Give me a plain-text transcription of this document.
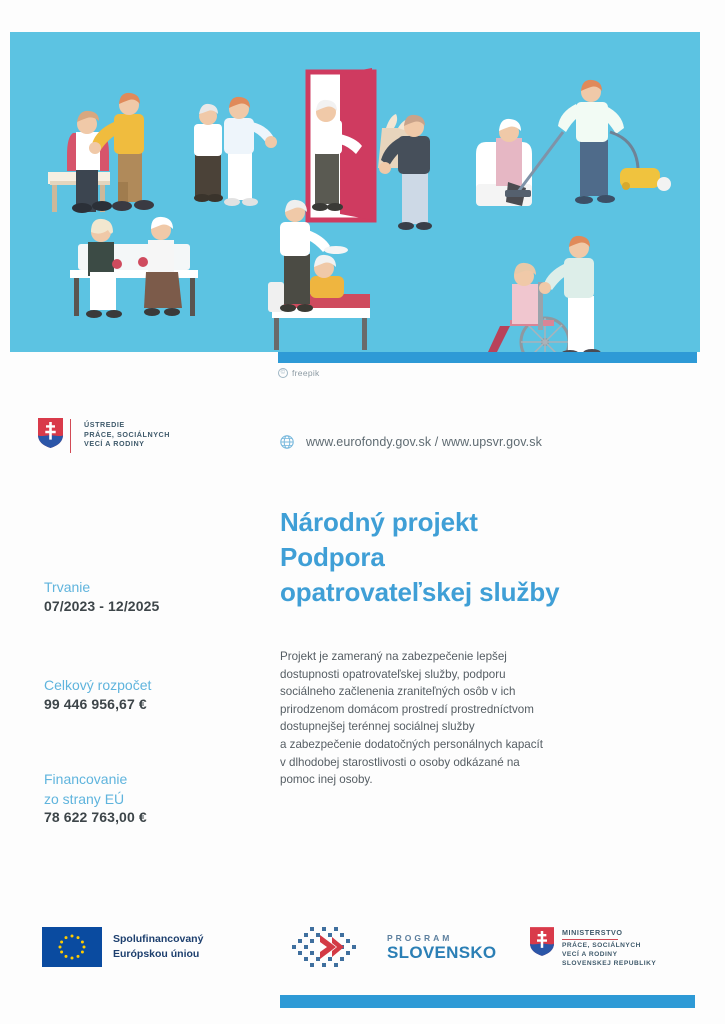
© freepik
ÚSTREDIE
PRÁCE, SOCIÁLNYCH
VECÍ A RODINY	www.eurofondy.gov.sk / www.upsvr.gov.sk
Národný projekt
Podpora
opatrovateľskej služby
Projekt je zameraný na zabezpečenie lepšej
dostupnosti opatrovateľskej služby, podporu
sociálneho začlenenia zraniteľných osôb v ich
prirodzenom domácom prostredí prostredníctvom
dostupnejšej terénnej sociálnej služby
a zabezpečenie dodatočných personálnych kapacít
v dlhodobej starostlivosti o osoby odkázané na
pomoc inej osoby.
Trvanie
07/2023 - 12/2025
Celkový rozpočet
99 446 956,67 €
Financovanie
zo strany EÚ
78 622 763,00 €
Spolufinancovaný
Európskou úniou
PROGRAM
SLOVENSKO
MINISTERSTVO
PRÁCE, SOCIÁLNYCH
VECÍ A RODINY
SLOVENSKEJ REPUBLIKY
